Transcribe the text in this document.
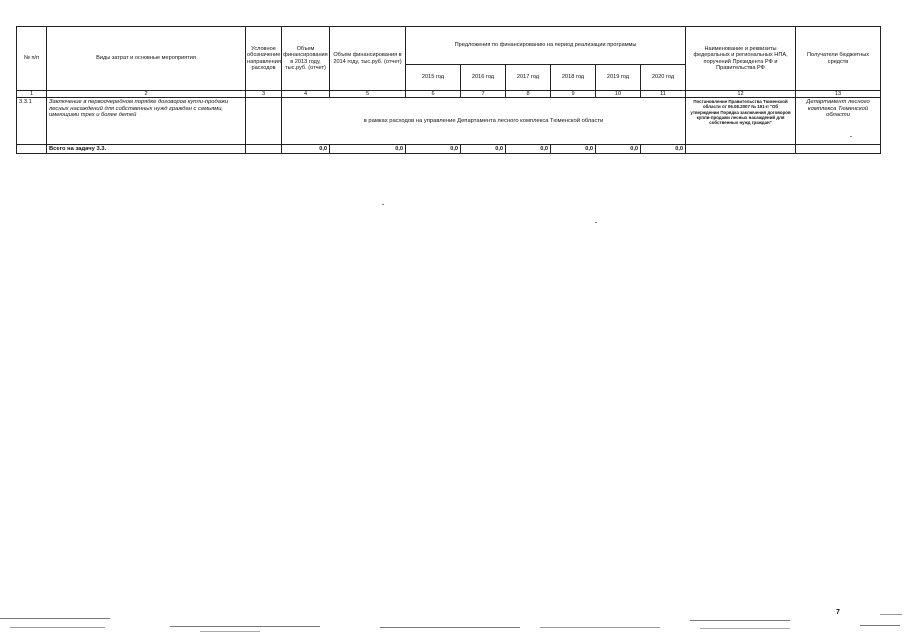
№ п/п	Виды затрат и основные мероприятия	Условное обозначение направления расходов	Объем финансирования в 2013 году, тыс.руб. (отчет)	Объем финансирования в 2014 году, тыс.руб. (отчет)	Предложения по финансированию на период реализации программы						Наименование и реквизиты федеральных и региональных НПА, поручений Президента РФ и Правительства РФ	Получатели бюджетных средств
					2015 год	2016 год	2017 год	2018 год	2019 год	2020 год		
1	2	3	4	5	6	7	8	9	10	11	12	13
3.3.1	Заключение в первоочередном порядке договоров купли-продажи лесных насаждений для собственных нужд граждан с семьями, имеющими трех и более детей		в рамках расходов на управление Департамента лесного комплекса Тюменской области								Постановление Правительства Тюменской области от 06.08.2007 № 191-п "Об утверждении Порядка заключения договоров купли-продажи лесных насаждений для собственных нужд граждан"	Департамент лесного комплекса Тюменской области
	Всего на задачу 3.3.		0,0	0,0	0,0	0,0	0,0	0,0	0,0	0,0		
7
